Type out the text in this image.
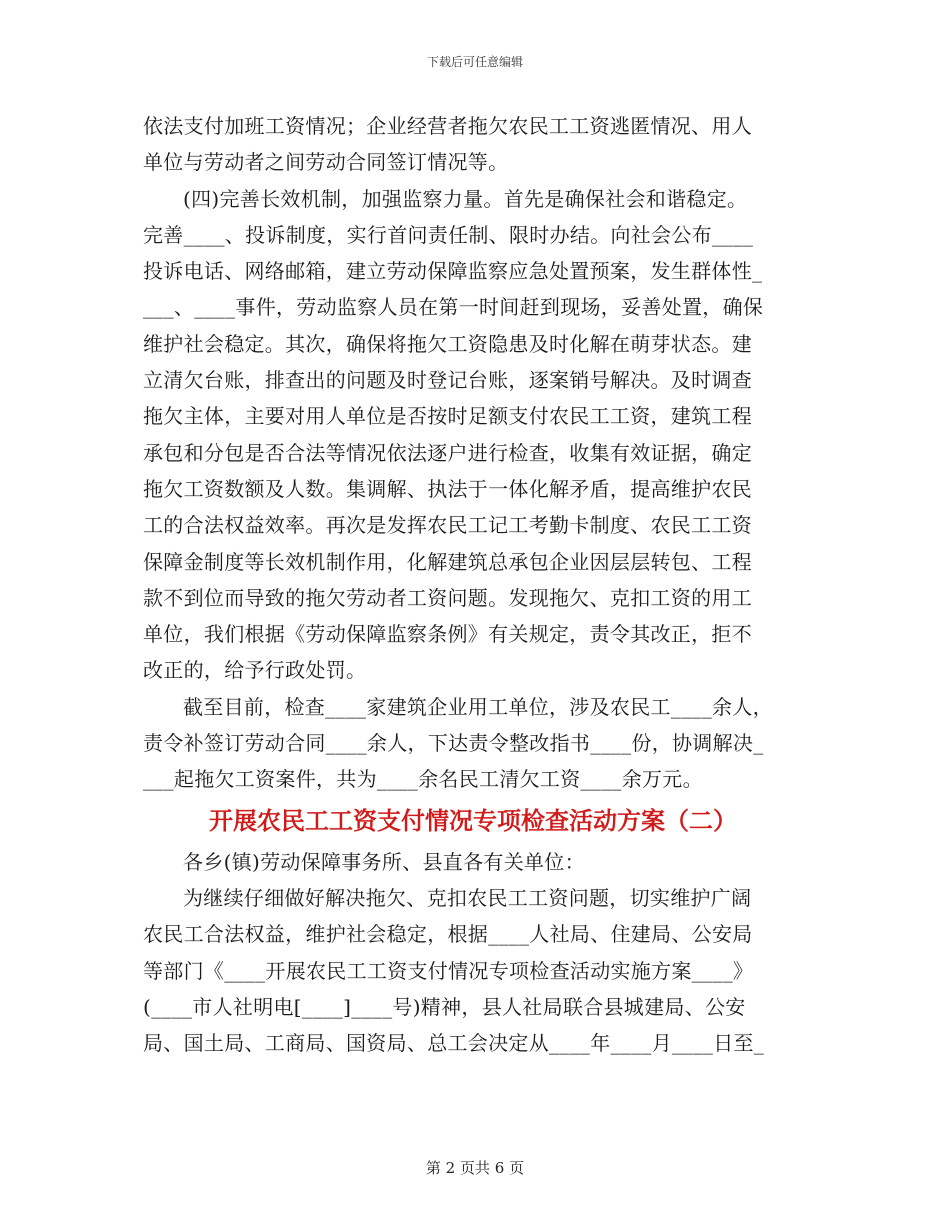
下载后可任意编辑
依法支付加班工资情况；企业经营者拖欠农民工工资逃匿情况、用人
单位与劳动者之间劳动合同签订情况等。
(四)完善长效机制，加强监察力量。首先是确保社会和谐稳定。
完善____、投诉制度，实行首问责任制、限时办结。向社会公布____
投诉电话、网络邮箱，建立劳动保障监察应急处置预案，发生群体性_
___、____事件，劳动监察人员在第一时间赶到现场，妥善处置，确保
维护社会稳定。其次，确保将拖欠工资隐患及时化解在萌芽状态。建
立清欠台账，排查出的问题及时登记台账，逐案销号解决。及时调查
拖欠主体，主要对用人单位是否按时足额支付农民工工资，建筑工程
承包和分包是否合法等情况依法逐户进行检查，收集有效证据，确定
拖欠工资数额及人数。集调解、执法于一体化解矛盾，提高维护农民
工的合法权益效率。再次是发挥农民工记工考勤卡制度、农民工工资
保障金制度等长效机制作用，化解建筑总承包企业因层层转包、工程
款不到位而导致的拖欠劳动者工资问题。发现拖欠、克扣工资的用工
单位，我们根据《劳动保障监察条例》有关规定，责令其改正，拒不
改正的，给予行政处罚。
截至目前，检查____家建筑企业用工单位，涉及农民工____余人，
责令补签订劳动合同____余人，下达责令整改指书____份，协调解决_
___起拖欠工资案件，共为____余名民工清欠工资____余万元。
开展农民工工资支付情况专项检查活动方案（二）
各乡(镇)劳动保障事务所、县直各有关单位：
为继续仔细做好解决拖欠、克扣农民工工资问题，切实维护广阔
农民工合法权益，维护社会稳定，根据____人社局、住建局、公安局
等部门《____开展农民工工资支付情况专项检查活动实施方案____》
(____市人社明电[____]____号)精神，县人社局联合县城建局、公安
局、国土局、工商局、国资局、总工会决定从____年____月____日至_
第 2 页共 6 页
